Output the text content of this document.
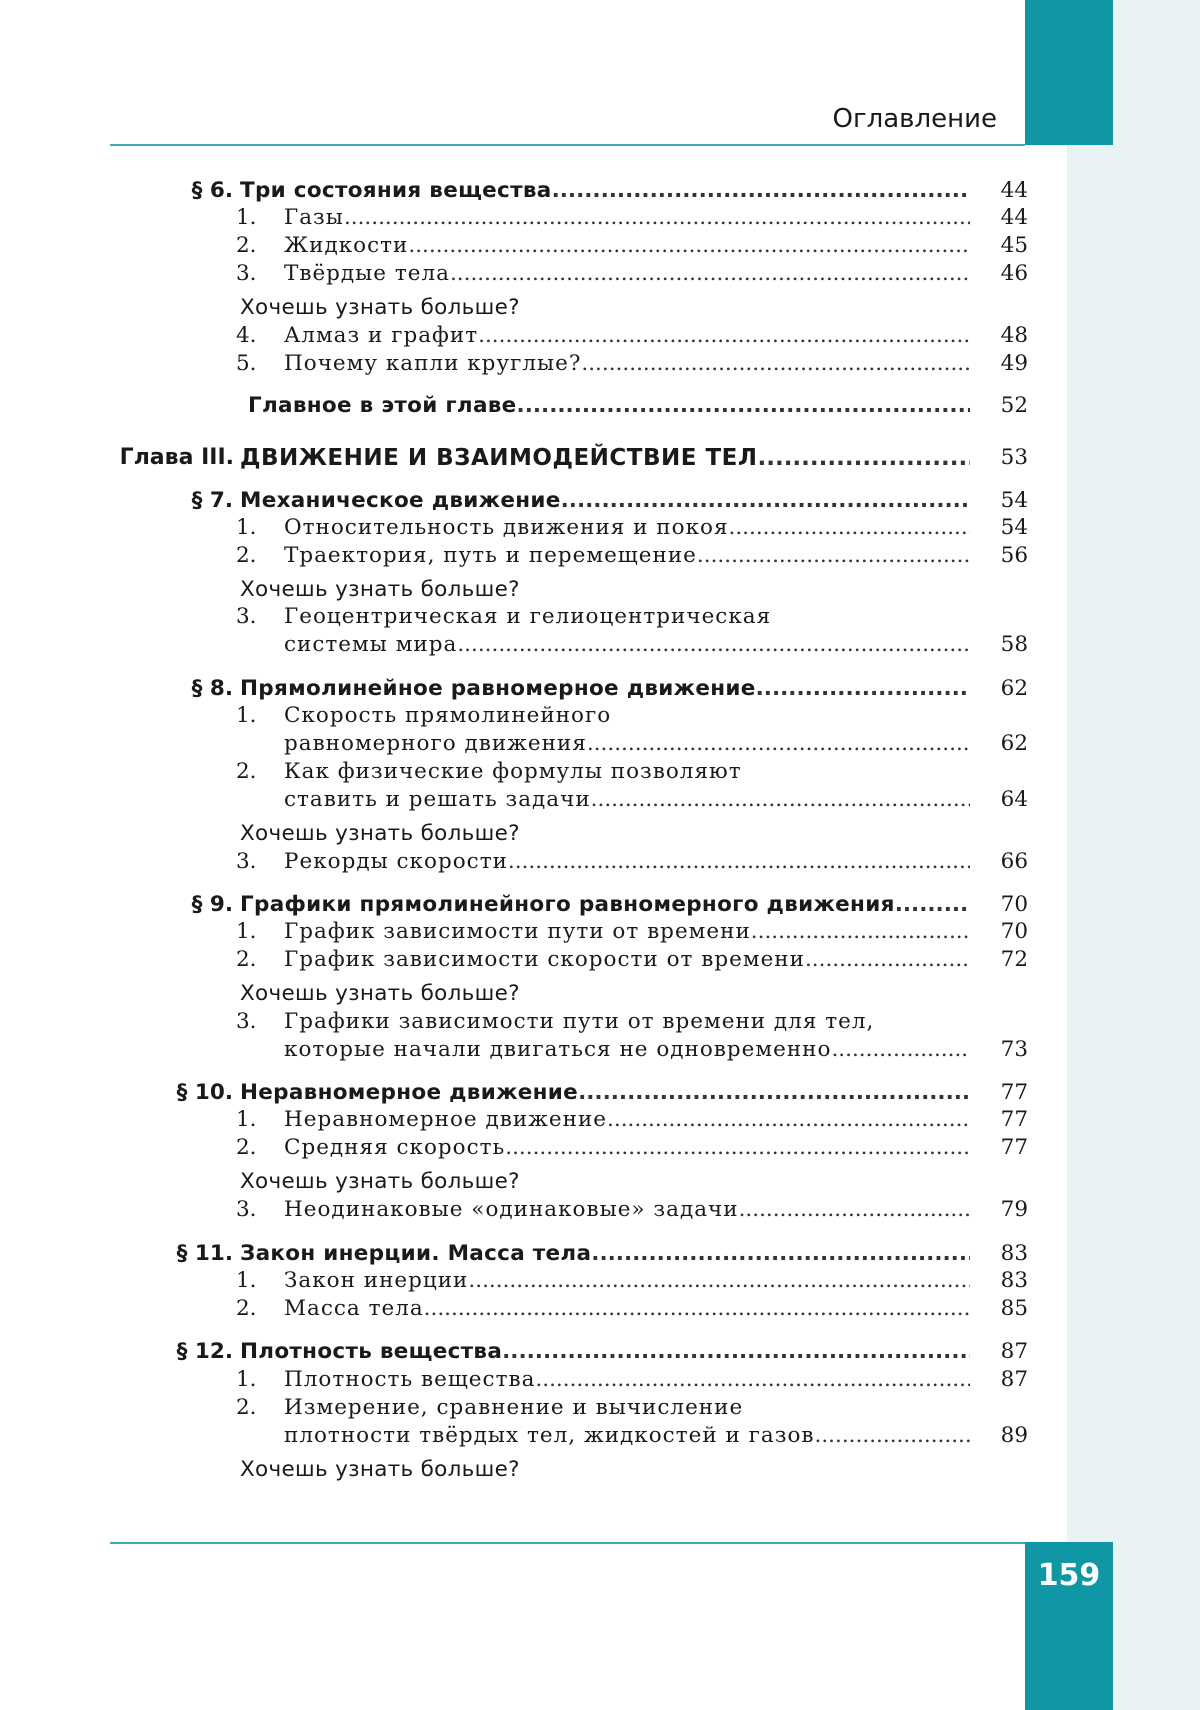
159
Оглавление
§ 6. Три состояния вещества...................................................	44
1.	Газы....................................................................................................
44
2.	Жидкости..................................................................................	45
3.	Твёрдые тела............................................................................	46
Хочешь узнать больше?
4.	Алмаз и графит........................................................................	48
5.	Почему капли круглые?........................................................	49
Главное в этой главе........................................................	52
Глава III. ДВИЖЕНИЕ И ВЗАИМОДЕЙСТВИЕ ТЕЛ.........................	53
§ 7. Механическое движение..................................................	54
1.	Относительность движения и покоя...................................	54
2.	Траектория, путь и перемещение........................................	56
Хочешь узнать больше?
3.	Геоцентрическая и гелиоцентрическая
системы мира...........................................................................	58
§ 8. Прямолинейное равномерное движение..........................	62
1.	Скорость прямолинейного
равномерного движения........................................................	62
2.	Как физические формулы позволяют
ставить и решать задачи........................................................	64
Хочешь узнать больше?
3.	Рекорды скорости....................................................................	66
§ 9. Графики прямолинейного равномерного движения.........	70
1.	График зависимости пути от времени................................	70
2.	График зависимости скорости от времени.........................	72
Хочешь узнать больше?
3.	Графики зависимости пути от времени для тел,
которые начали двигаться не одновременно....................	73
§ 10. Неравномерное движение.................................................. 77
1.	Неравномерное движение.....................................................	77
2.	Средняя скорость....................................................................	77
Хочешь узнать больше?
3.	Неодинаковые «одинаковые» задачи..................................	79
§ 11. Закон инерции. Масса тела.................................................. 83
1.	Закон инерции........................................................................... 83
2.	Масса тела................................................................................	85
§ 12. Плотность вещества.........................................................	87
1.	Плотность вещества...............................................................	87
2.	Измерение, сравнение и вычисление
плотности твёрдых тел, жидкостей и газов......................... 89
Хочешь узнать больше?
